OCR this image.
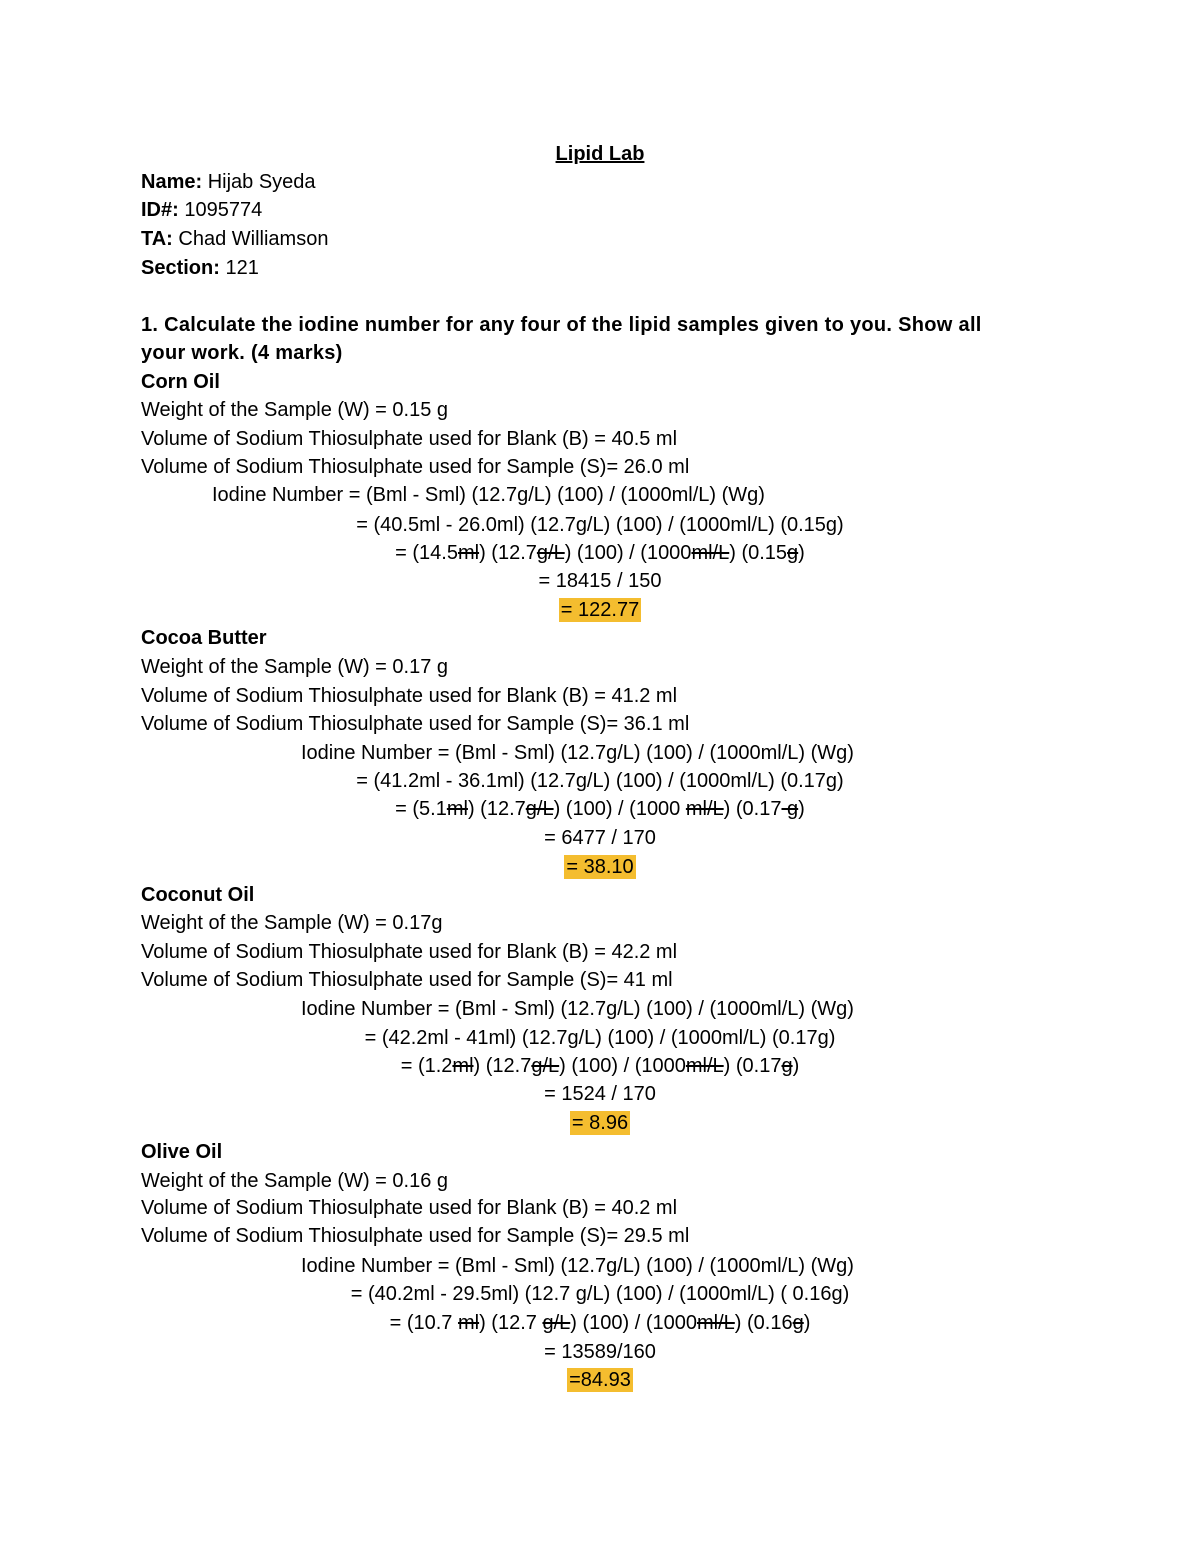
Lipid Lab
Name: Hijab Syeda
ID#: 1095774
TA: Chad Williamson
Section: 121
1. Calculate the iodine number for any four of the lipid samples given to you. Show all
your work. (4 marks)
Corn Oil
Weight of the Sample (W) = 0.15 g
Volume of Sodium Thiosulphate used for Blank (B) = 40.5 ml
Volume of Sodium Thiosulphate used for Sample (S)= 26.0 ml
Iodine Number = (Bml - Sml) (12.7g/L) (100) / (1000ml/L) (Wg)
= (40.5ml - 26.0ml) (12.7g/L) (100) / (1000ml/L) (0.15g)
= (14.5ml) (12.7g/L) (100) / (1000ml/L) (0.15g)
= 18415 / 150
= 122.77
Cocoa Butter
Weight of the Sample (W) = 0.17 g
Volume of Sodium Thiosulphate used for Blank (B) = 41.2 ml
Volume of Sodium Thiosulphate used for Sample (S)= 36.1 ml
Iodine Number = (Bml - Sml) (12.7g/L) (100) / (1000ml/L) (Wg)
= (41.2ml - 36.1ml) (12.7g/L) (100) / (1000ml/L) (0.17g)
= (5.1ml) (12.7g/L) (100) / (1000 ml/L) (0.17 g)
= 6477 / 170
= 38.10
Coconut Oil
Weight of the Sample (W) = 0.17g
Volume of Sodium Thiosulphate used for Blank (B) = 42.2 ml
Volume of Sodium Thiosulphate used for Sample (S)= 41 ml
Iodine Number = (Bml - Sml) (12.7g/L) (100) / (1000ml/L) (Wg)
= (42.2ml - 41ml) (12.7g/L) (100) / (1000ml/L) (0.17g)
= (1.2ml) (12.7g/L) (100) / (1000ml/L) (0.17g)
= 1524 / 170
= 8.96
Olive Oil
Weight of the Sample (W) = 0.16 g
Volume of Sodium Thiosulphate used for Blank (B) = 40.2 ml
Volume of Sodium Thiosulphate used for Sample (S)= 29.5 ml
Iodine Number = (Bml - Sml) (12.7g/L) (100) / (1000ml/L) (Wg)
= (40.2ml - 29.5ml) (12.7 g/L) (100) / (1000ml/L) ( 0.16g)
= (10.7 ml) (12.7 g/L) (100) / (1000ml/L) (0.16g)
= 13589/160
=84.93
